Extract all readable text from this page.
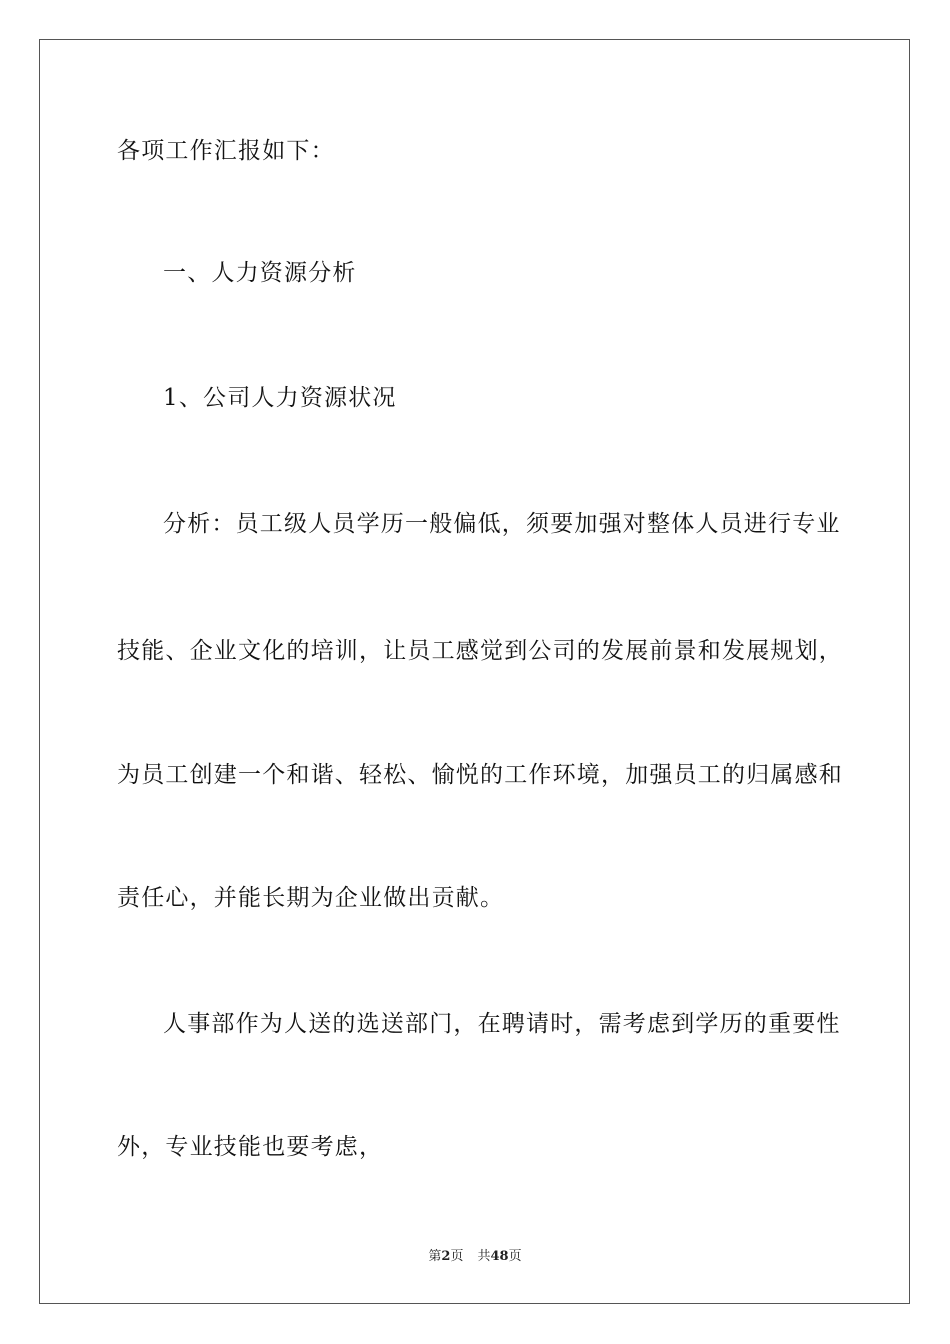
各项工作汇报如下：
一、人力资源分析
1、公司人力资源状况
分析：员工级人员学历一般偏低，须要加强对整体人员进行专业
技能、企业文化的培训，让员工感觉到公司的发展前景和发展规划，
为员工创建一个和谐、轻松、愉悦的工作环境，加强员工的归属感和
责任心，并能长期为企业做出贡献。
人事部作为人送的选送部门，在聘请时，需考虑到学历的重要性
外，专业技能也要考虑，
第2页 共48页
